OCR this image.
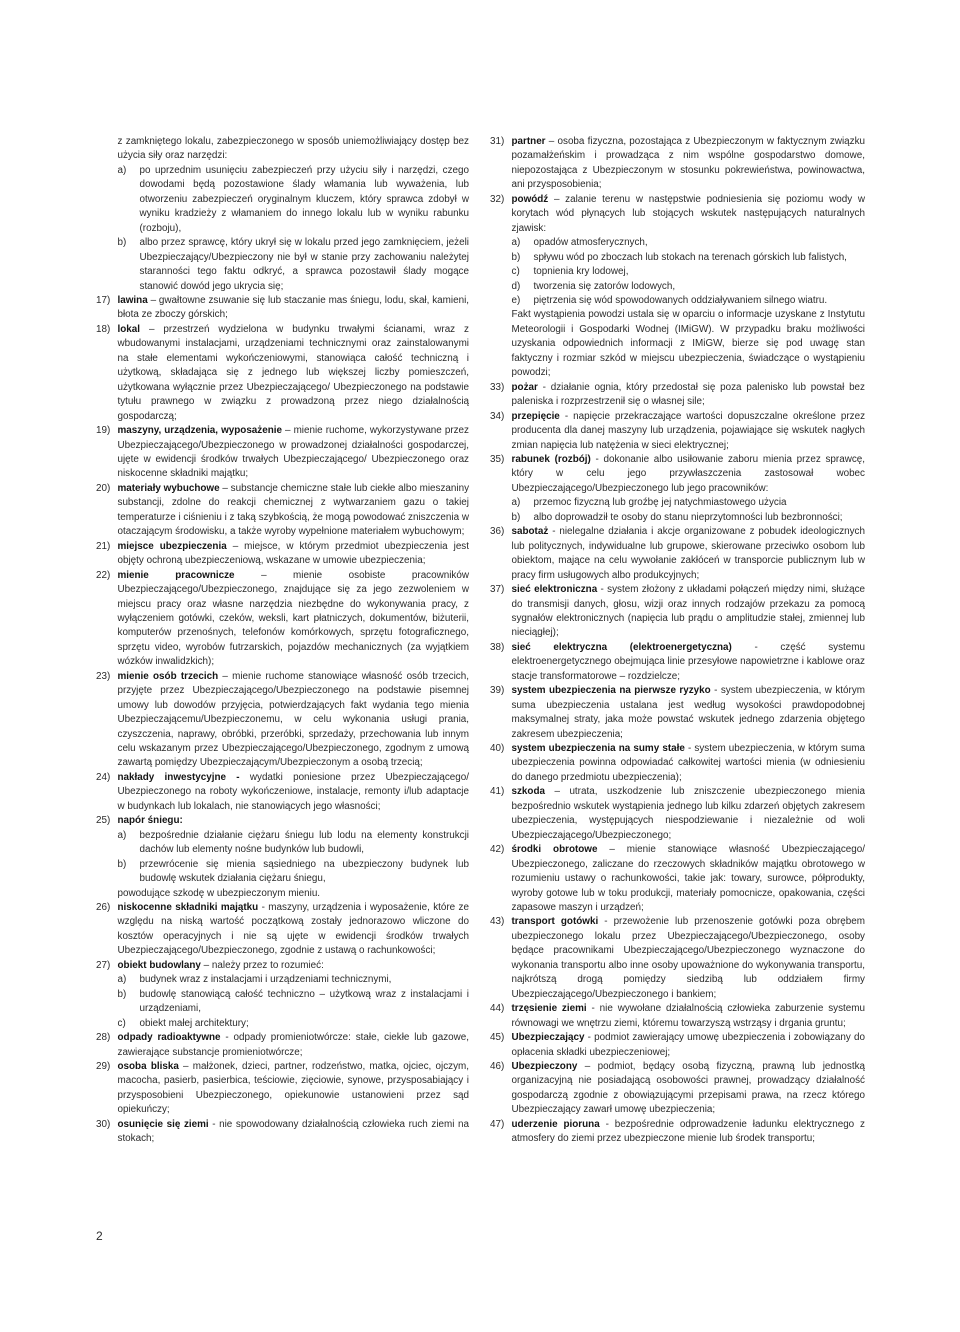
z zamkniętego lokalu, zabezpieczonego w sposób uniemożliwiający dostęp bez użycia siły oraz narzędzi:
a)	po uprzednim usunięciu zabezpieczeń przy użyciu siły i narzędzi, czego dowodami będą pozostawione ślady włamania lub wyważenia, lub otworzeniu zabezpieczeń oryginalnym kluczem, który sprawca zdobył w wyniku kradzieży z włamaniem do innego lokalu lub w wyniku rabunku (rozboju),
b)	albo przez sprawcę, który ukrył się w lokalu przed jego zamknięciem, jeżeli Ubezpieczający/Ubezpieczony nie był w stanie przy zachowaniu należytej staranności tego faktu odkryć, a sprawca pozostawił ślady mogące stanowić dowód jego ukrycia się;
17) lawina – gwałtowne zsuwanie się lub staczanie mas śniegu, lodu, skał, kamieni, błota ze zboczy górskich;
18) lokal – przestrzeń wydzielona w budynku trwałymi ścianami, wraz z wbudowanymi instalacjami, urządzeniami technicznymi oraz zainstalowanymi na stałe elementami wykończeniowymi, stanowiąca całość techniczną i użytkową, składająca się z jednego lub większej liczby pomieszczeń, użytkowana wyłącznie przez Ubezpieczającego/ Ubezpieczonego na podstawie tytułu prawnego w związku z prowadzoną przez niego działalnością gospodarczą;
19) maszyny, urządzenia, wyposażenie – mienie ruchome, wykorzystywane przez Ubezpieczającego/Ubezpieczonego w prowadzonej działalności gospodarczej, ujęte w ewidencji środków trwałych Ubezpieczającego/ Ubezpieczonego oraz niskocenne składniki majątku;
20) materiały wybuchowe – substancje chemiczne stałe lub ciekłe albo mieszaniny substancji, zdolne do reakcji chemicznej z wytwarzaniem gazu o takiej temperaturze i ciśnieniu i z taką szybkością, że mogą powodować zniszczenia w otaczającym środowisku, a także wyroby wypełnione materiałem wybuchowym;
21) miejsce ubezpieczenia – miejsce, w którym przedmiot ubezpieczenia jest objęty ochroną ubezpieczeniową, wskazane w umowie ubezpieczenia;
22) mienie pracownicze	– mienie osobiste pracowników Ubezpieczającego/Ubezpieczonego, znajdujące się za jego zezwoleniem w miejscu pracy oraz własne narzędzia niezbędne do wykonywania pracy, z wyłączeniem gotówki, czeków, weksli, kart płatniczych, dokumentów, biżuterii, komputerów przenośnych, telefonów komórkowych, sprzętu fotograficznego, sprzętu video, wyrobów futrzarskich, pojazdów mechanicznych (za wyjątkiem wózków inwalidzkich);
23) mienie osób trzecich – mienie ruchome stanowiące własność osób trzecich, przyjęte przez Ubezpieczającego/Ubezpieczonego na podstawie pisemnej umowy lub dowodów przyjęcia, potwierdzających fakt wydania tego mienia Ubezpieczającemu/Ubezpieczonemu, w celu wykonania usługi prania, czyszczenia, naprawy, obróbki, przeróbki, sprzedaży, przechowania lub innym celu wskazanym przez Ubezpieczającego/Ubezpieczonego, zgodnym z umową zawartą pomiędzy Ubezpieczającym/Ubezpieczonym a osobą trzecią;
24) nakłady inwestycyjne - wydatki poniesione przez Ubezpieczającego/ Ubezpieczonego na roboty wykończeniowe, instalacje, remonty i/lub adaptacje w budynkach lub lokalach, nie stanowiących jego własności;
25) napór śniegu:
a)	bezpośrednie działanie ciężaru śniegu lub lodu na elementy konstrukcji dachów lub elementy nośne budynków lub budowli,
b)	przewrócenie się mienia sąsiedniego na ubezpieczony budynek lub budowlę wskutek działania ciężaru śniegu,
powodujące szkodę w ubezpieczonym mieniu.
26) niskocenne składniki majątku - maszyny, urządzenia i wyposażenie, które ze względu na niską wartość początkową zostały jednorazowo wliczone do kosztów operacyjnych i nie są ujęte w ewidencji środków trwałych Ubezpieczającego/Ubezpieczonego, zgodnie z ustawą o rachunkowości;
27) obiekt budowlany – należy przez to rozumieć:
a)	budynek wraz z instalacjami i urządzeniami technicznymi,
b)	budowlę stanowiącą całość techniczno – użytkową wraz z instalacjami i urządzeniami,
c)	obiekt małej architektury;
28) odpady radioaktywne - odpady promieniotwórcze: stałe, ciekłe lub gazowe, zawierające substancje promieniotwórcze;
29) osoba bliska – małżonek, dzieci, partner, rodzeństwo, matka, ojciec, ojczym, macocha, pasierb, pasierbica, teściowie, zięciowie, synowe, przysposabiający i przysposobieni Ubezpieczonego, opiekunowie ustanowieni przez sąd opiekuńczy;
30) osunięcie się ziemi - nie spowodowany działalnością człowieka ruch ziemi na stokach;
31) partner – osoba fizyczna, pozostająca z Ubezpieczonym w faktycznym związku pozamałżeńskim i prowadząca z nim wspólne gospodarstwo domowe, niepozostająca z Ubezpieczonym w stosunku pokrewieństwa, powinowactwa, ani przysposobienia;
32) powódź – zalanie terenu w następstwie podniesienia się poziomu wody w korytach wód płynących lub stojących wskutek następujących naturalnych zjawisk:
a)	opadów atmosferycznych,
b)	spływu wód po zboczach lub stokach na terenach górskich lub falistych,
c)	topnienia kry lodowej,
d)	tworzenia się zatorów lodowych,
e)	piętrzenia się wód spowodowanych oddziaływaniem silnego wiatru.
Fakt wystąpienia powodzi ustala się w oparciu o informacje uzyskane z Instytutu Meteorologii i Gospodarki Wodnej (IMiGW). W przypadku braku możliwości uzyskania odpowiednich informacji z IMiGW, bierze się pod uwagę stan faktyczny i rozmiar szkód w miejscu ubezpieczenia, świadczące o wystąpieniu powodzi;
33) pożar - działanie ognia, który przedostał się poza palenisko lub powstał bez paleniska i rozprzestrzenił się o własnej sile;
34) przepięcie - napięcie przekraczające wartości dopuszczalne określone przez producenta dla danej maszyny lub urządzenia, pojawiające się wskutek nagłych zmian napięcia lub natężenia w sieci elektrycznej;
35) rabunek (rozbój) - dokonanie albo usiłowanie zaboru mienia przez sprawcę, który w celu jego przywłaszczenia zastosował wobec Ubezpieczającego/Ubezpieczonego lub jego pracowników:
a)	przemoc fizyczną lub groźbę jej natychmiastowego użycia
b)	albo doprowadził te osoby do stanu nieprzytomności lub bezbronności;
36) sabotaż - nielegalne działania i akcje organizowane z pobudek ideologicznych lub politycznych, indywidualne lub grupowe, skierowane przeciwko osobom lub obiektom, mające na celu wywołanie zakłóceń w transporcie publicznym lub w pracy firm usługowych albo produkcyjnych;
37) sieć elektroniczna - system złożony z układami połączeń między nimi, służące do transmisji danych, głosu, wizji oraz innych rodzajów przekazu za pomocą sygnałów elektronicznych (napięcia lub prądu o amplitudzie stałej, zmiennej lub nieciągłej);
38) sieć elektryczna (elektroenergetyczna) - część systemu elektroenergetycznego obejmująca linie przesyłowe napowietrzne i kablowe oraz stacje transformatorowe – rozdzielcze;
39) system ubezpieczenia na pierwsze ryzyko - system ubezpieczenia, w którym suma ubezpieczenia ustalana jest według wysokości prawdopodobnej maksymalnej straty, jaka może powstać wskutek jednego zdarzenia objętego zakresem ubezpieczenia;
40) system ubezpieczenia na sumy stałe - system ubezpieczenia, w którym suma ubezpieczenia powinna odpowiadać całkowitej wartości mienia (w odniesieniu do danego przedmiotu ubezpieczenia);
41) szkoda – utrata, uszkodzenie lub zniszczenie ubezpieczonego mienia bezpośrednio wskutek wystąpienia jednego lub kilku zdarzeń objętych zakresem ubezpieczenia, występujących niespodziewanie i niezależnie od woli Ubezpieczającego/Ubezpieczonego;
42) środki obrotowe – mienie stanowiące własność Ubezpieczającego/ Ubezpieczonego, zaliczane do rzeczowych składników majątku obrotowego w rozumieniu ustawy o rachunkowości, takie jak: towary, surowce, półprodukty, wyroby gotowe lub w toku produkcji, materiały pomocnicze, opakowania, części zapasowe maszyn i urządzeń;
43) transport gotówki - przewożenie lub przenoszenie gotówki poza obrębem ubezpieczonego lokalu przez Ubezpieczającego/Ubezpieczonego, osoby będące pracownikami Ubezpieczającego/Ubezpieczonego wyznaczone do wykonania transportu albo inne osoby upoważnione do wykonywania transportu, najkrótszą drogą pomiędzy siedzibą lub oddziałem firmy Ubezpieczającego/Ubezpieczonego i bankiem;
44) trzęsienie ziemi - nie wywołane działalnością człowieka zaburzenie systemu równowagi we wnętrzu ziemi, któremu towarzyszą wstrząsy i drgania gruntu;
45) Ubezpieczający - podmiot zawierający umowę ubezpieczenia i zobowiązany do opłacenia składki ubezpieczeniowej;
46) Ubezpieczony – podmiot, będący osobą fizyczną, prawną lub jednostką organizacyjną nie posiadającą osobowości prawnej, prowadzący działalność gospodarczą zgodnie z obowiązującymi przepisami prawa, na rzecz którego Ubezpieczający zawarł umowę ubezpieczenia;
47) uderzenie pioruna - bezpośrednie odprowadzenie ładunku elektrycznego z atmosfery do ziemi przez ubezpieczone mienie lub środek transportu;
2
